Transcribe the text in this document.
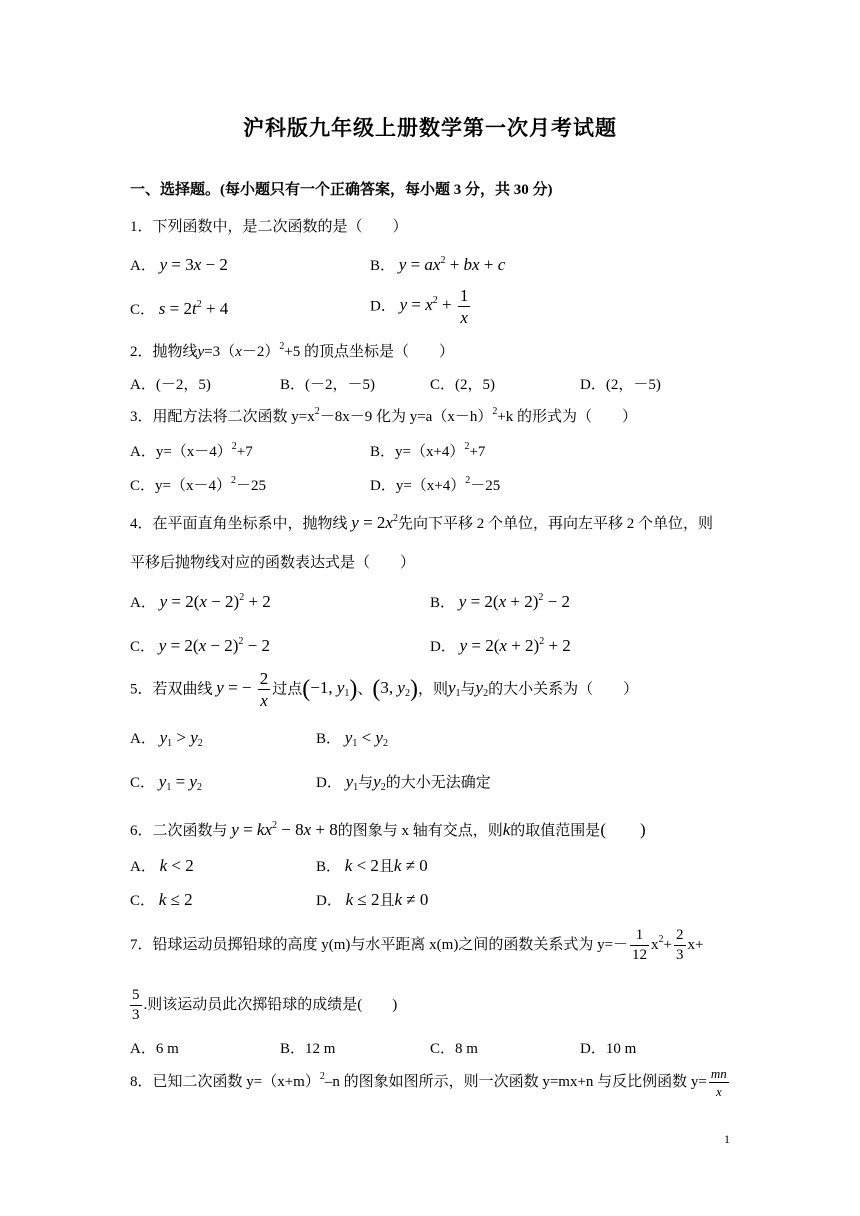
沪科版九年级上册数学第一次月考试题
一、选择题。(每小题只有一个正确答案，每小题 3 分，共 30 分)
1．下列函数中，是二次函数的是（　　）
A． y = 3x − 2	B． $y = ax^2$ + bx + c
C． $s = 2t^2 + 4$	D． $y = x^2 + \frac{1}{x}$
2．抛物线$y=3(x-2)^2+5$ 的顶点坐标是（　　）
A．(－2，5)	B．(－2，－5)	C．(2，5)	D．(2，－5)
3．用配方法将二次函数 $y=x^2-8x-9$ 化为 $y=a(x-h)^2+k$ 的形式为（　　）
A．$y=(x-4)^2+7$	B．$y=(x+4)^2+7$
C．$y=(x-4)^2-25$	D．$y=(x+4)^2-25$
4．在平面直角坐标系中，抛物线 $y = 2x^2$先向下平移 2 个单位，再向左平移 2 个单位，则
平移后抛物线对应的函数表达式是（　　）
A． $y = 2(x - 2)^2 + 2$	B． $y = 2(x + 2)^2 - 2$
C． $y = 2(x - 2)^2 - 2$	D． $y = 2(x + 2)^2 + 2$
5．若双曲线 y = − $\frac{2}{x}$ 过点(−1, $y_1$)、(3, $y_2$)，则$y_1$与$y_2$的大小关系为（　　）
A． $y_1 > y_2$	B． $y_1 < y_2$
C． $y_1 = y_2$	D． $y_1$与$y_2$的大小无法确定
6．二次函数与 $y = kx^2 - 8x + 8$的图象与 x 轴有交点，则k的取值范围是(　　)
A． k < 2	B． k < 2且k ≠ 0
C． k ≤ 2	D． k ≤ 2且k ≠ 0
7．铅球运动员掷铅球的高度 y(m)与水平距离 x(m)之间的函数关系式为 $y=- \frac{1}{12} x^2+ \frac{2}{3} x+$
$\frac{5}{3}$ .则该运动员此次掷铅球的成绩是(　　)
A．6 m	B．12 m	C．8 m	D．10 m
8．已知二次函数 $y=(x+m)^2-n$ 的图象如图所示，则一次函数 y=mx+n 与反比例函数 $y= \frac{mn}{x}$
1
